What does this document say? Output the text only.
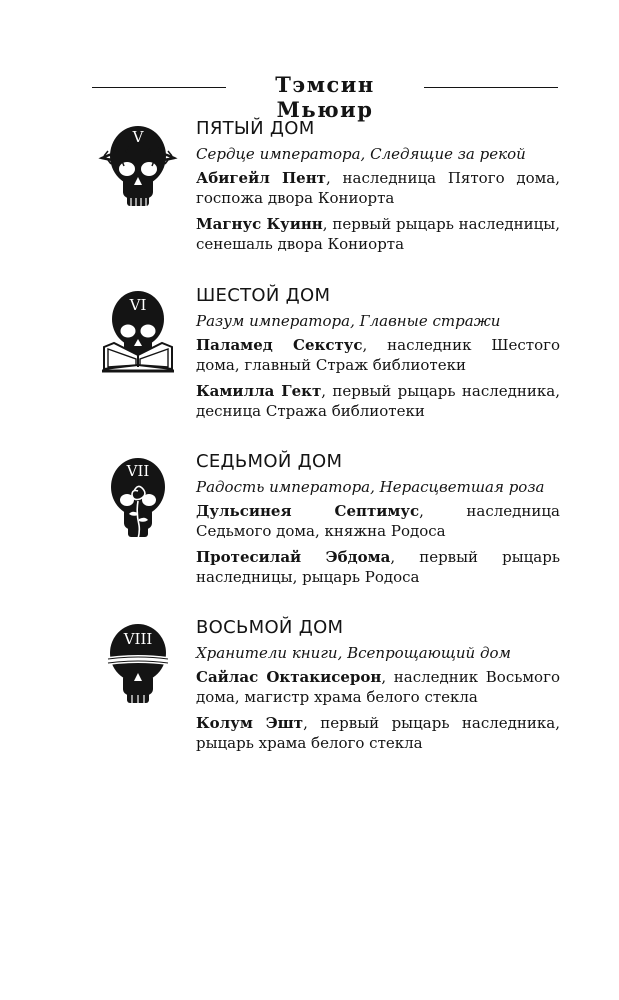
Тэмсин Мьюир
V	ПЯТЫЙ ДОМ
Сердце императора, Следящие за рекой
Абигейл Пент, наследница Пятого дома, госпожа двора Кониорта
Магнус Куинн, первый рыцарь наследницы, сенешаль двора Кониорта
VI	ШЕСТОЙ ДОМ
Разум императора, Главные стражи
Паламед Секстус, наследник Шестого дома, главный Страж библиотеки
Камилла Гект, первый рыцарь наследника, десница Стража библиотеки
VII	СЕДЬМОЙ ДОМ
Радость императора, Нерасцветшая роза
Дульсинея Септимус, наследница Седьмого дома, княжна Родоса
Протесилай Эбдома, первый рыцарь наследницы, рыцарь Родоса
VIII
ВОСЬМОЙ ДОМ
Хранители книги, Всепрощающий дом
Сайлас Октакисерон, наследник Восьмого дома, магистр храма белого стекла
Колум Эшт, первый рыцарь наследника, рыцарь храма белого стекла
